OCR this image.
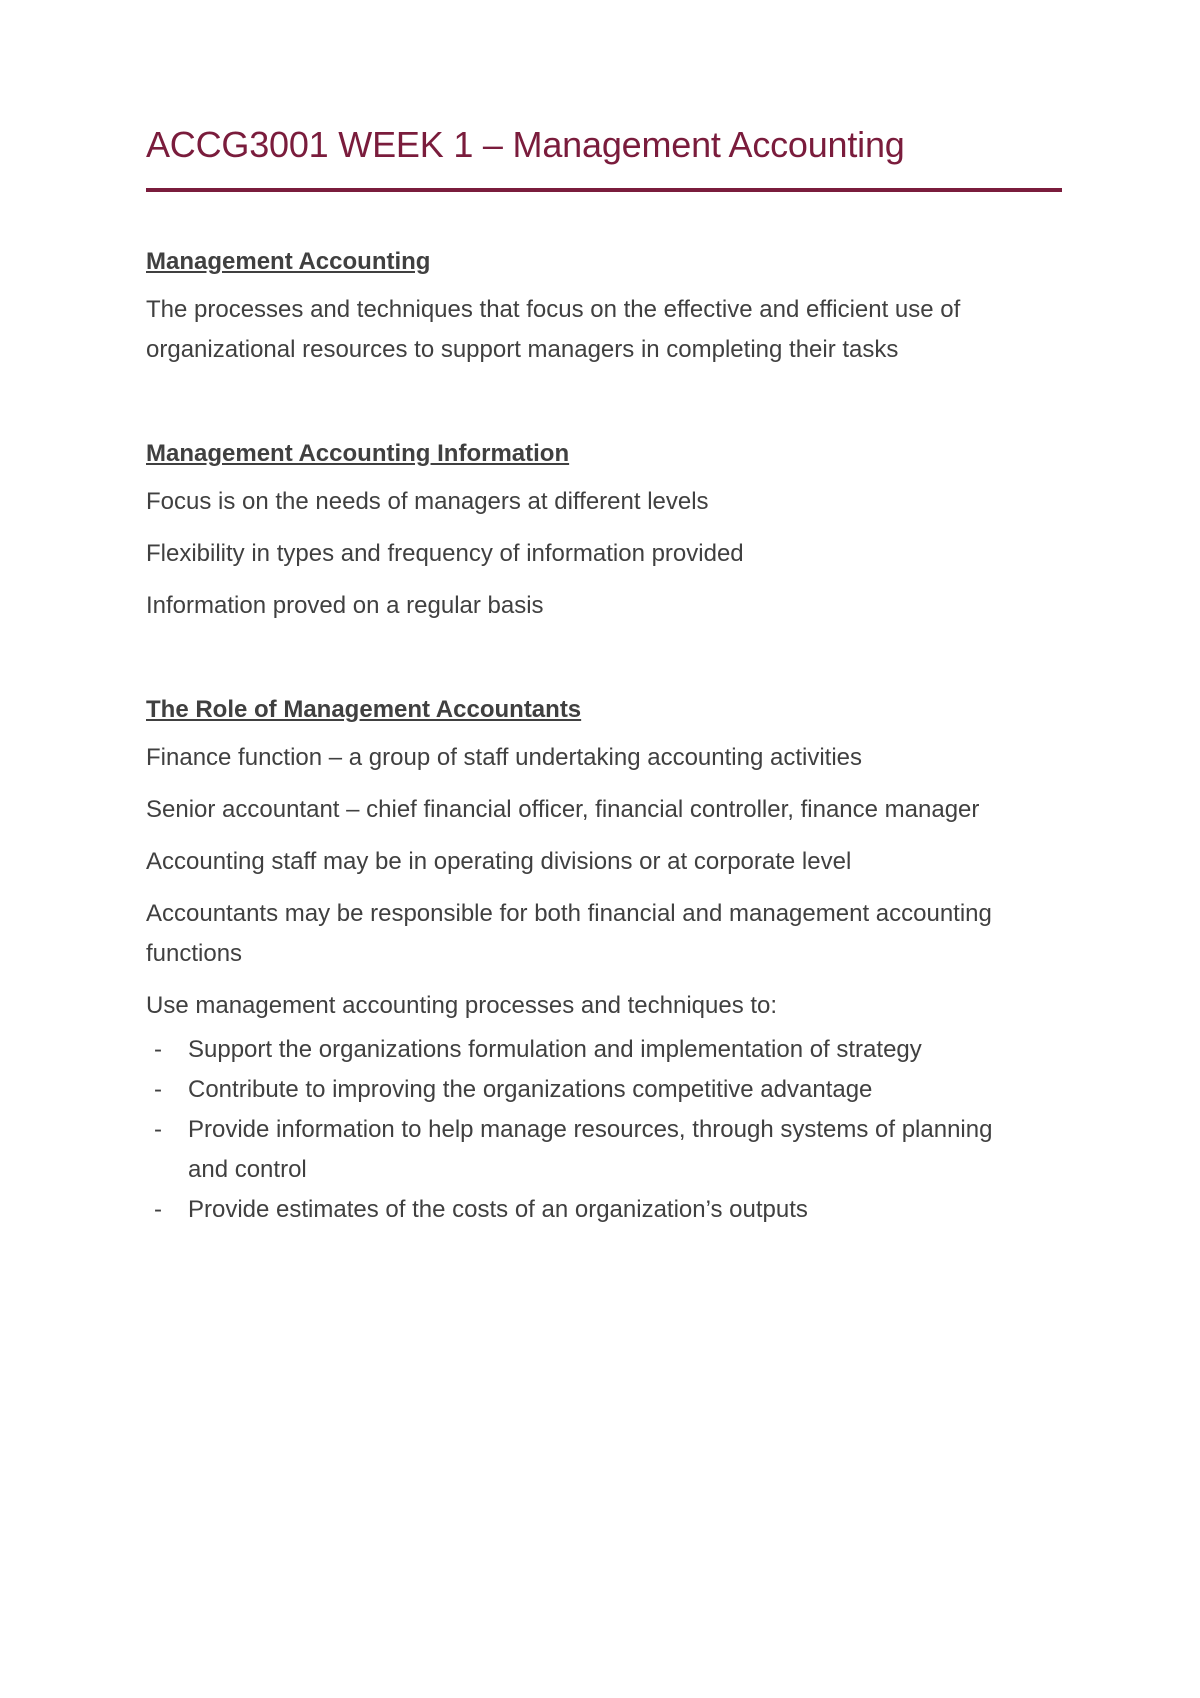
ACCG3001 WEEK 1 – Management Accounting
Management Accounting

The processes and techniques that focus on the effective and efficient use of organizational resources to support managers in completing their tasks

Management Accounting Information

Focus is on the needs of managers at different levels

Flexibility in types and frequency of information provided

Information proved on a regular basis

The Role of Management Accountants

Finance function – a group of staff undertaking accounting activities

Senior accountant – chief financial officer, financial controller, finance manager

Accounting staff may be in operating divisions or at corporate level

Accountants may be responsible for both financial and management accounting functions

Use management accounting processes and techniques to:

- Support the organizations formulation and implementation of strategy
- Contribute to improving the organizations competitive advantage
- Provide information to help manage resources, through systems of planning and control
- Provide estimates of the costs of an organization’s outputs
